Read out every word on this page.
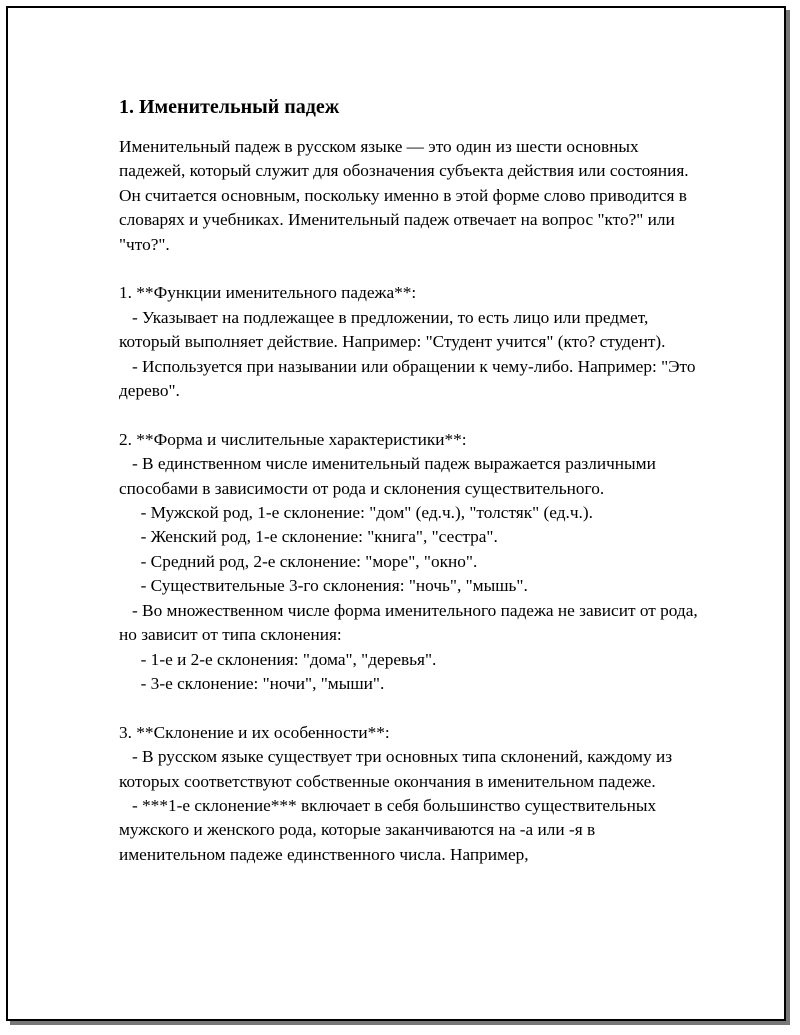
1. Именительный падеж

Именительный падеж в русском языке — это один из шести основных падежей, который служит для обозначения субъекта действия или состояния. Он считается основным, поскольку именно в этой форме слово приводится в словарях и учебниках. Именительный падеж отвечает на вопрос "кто?" или "что?".

1. **Функции именительного падежа**:

- Указывает на подлежащее в предложении, то есть лицо или предмет, который выполняет действие. Например: "Студент учится" (кто? студент).

- Используется при назывании или обращении к чему-либо. Например: "Это дерево".

2. **Форма и числительные характеристики**:

- В единственном числе именительный падеж выражается различными способами в зависимости от рода и склонения существительного.

- Мужской род, 1-е склонение: "дом" (ед.ч.), "толстяк" (ед.ч.).

- Женский род, 1-е склонение: "книга", "сестра".

- Средний род, 2-е склонение: "море", "окно".

- Существительные 3-го склонения: "ночь", "мышь".

- Во множественном числе форма именительного падежа не зависит от рода, но зависит от типа склонения:

- 1-е и 2-е склонения: "дома", "деревья".

- 3-е склонение: "ночи", "мыши".

3. **Склонение и их особенности**:

- В русском языке существует три основных типа склонений, каждому из которых соответствуют собственные окончания в именительном падеже.

- ***1-е склонение*** включает в себя большинство существительных мужского и женского рода, которые заканчиваются на -а или -я в именительном падеже единственного числа. Например,
